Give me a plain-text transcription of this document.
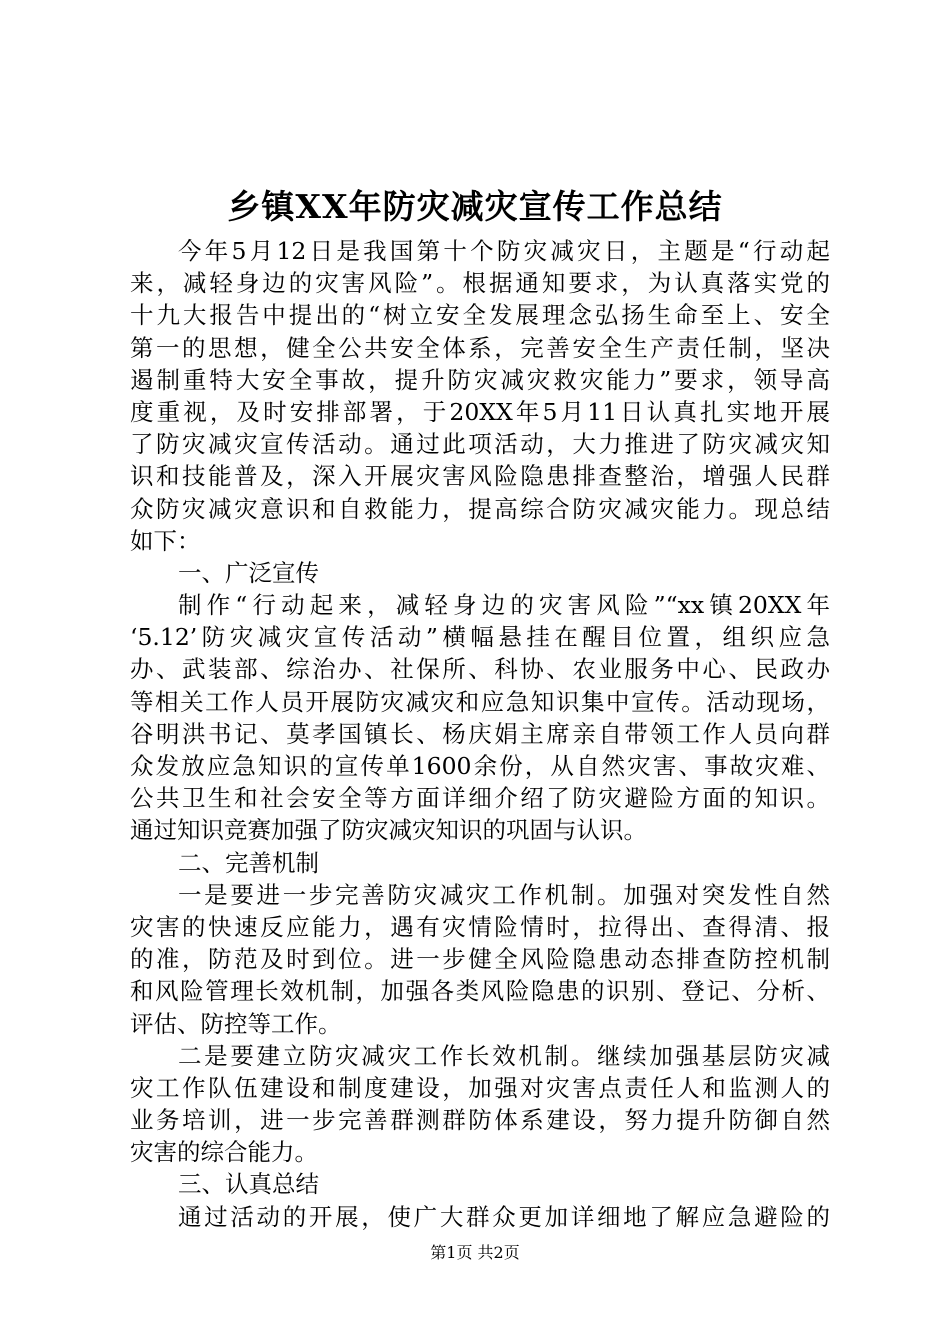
乡镇XX年防灾减灾宣传工作总结
今年5月12日是我国第十个防灾减灾日，主题是“行动起
来，减轻身边的灾害风险”。根据通知要求，为认真落实党的
十九大报告中提出的“树立安全发展理念弘扬生命至上、安全
第一的思想，健全公共安全体系，完善安全生产责任制，坚决
遏制重特大安全事故，提升防灾减灾救灾能力”要求，领导高
度重视，及时安排部署，于20XX年5月11日认真扎实地开展
了防灾减灾宣传活动。通过此项活动，大力推进了防灾减灾知
识和技能普及，深入开展灾害风险隐患排查整治，增强人民群
众防灾减灾意识和自救能力，提高综合防灾减灾能力。现总结
如下：
一、广泛宣传
制作“行动起来，减轻身边的灾害风险”“xx镇20XX年
‘5.12’防灾减灾宣传活动”横幅悬挂在醒目位置，组织应急
办、武装部、综治办、社保所、科协、农业服务中心、民政办
等相关工作人员开展防灾减灾和应急知识集中宣传。活动现场，
谷明洪书记、莫孝国镇长、杨庆娟主席亲自带领工作人员向群
众发放应急知识的宣传单1600余份，从自然灾害、事故灾难、
公共卫生和社会安全等方面详细介绍了防灾避险方面的知识。
通过知识竞赛加强了防灾减灾知识的巩固与认识。
二、完善机制
一是要进一步完善防灾减灾工作机制。加强对突发性自然
灾害的快速反应能力，遇有灾情险情时，拉得出、查得清、报
的准，防范及时到位。进一步健全风险隐患动态排查防控机制
和风险管理长效机制，加强各类风险隐患的识别、登记、分析、
评估、防控等工作。
二是要建立防灾减灾工作长效机制。继续加强基层防灾减
灾工作队伍建设和制度建设，加强对灾害点责任人和监测人的
业务培训，进一步完善群测群防体系建设，努力提升防御自然
灾害的综合能力。
三、认真总结
通过活动的开展，使广大群众更加详细地了解应急避险的
第1页 共2页
